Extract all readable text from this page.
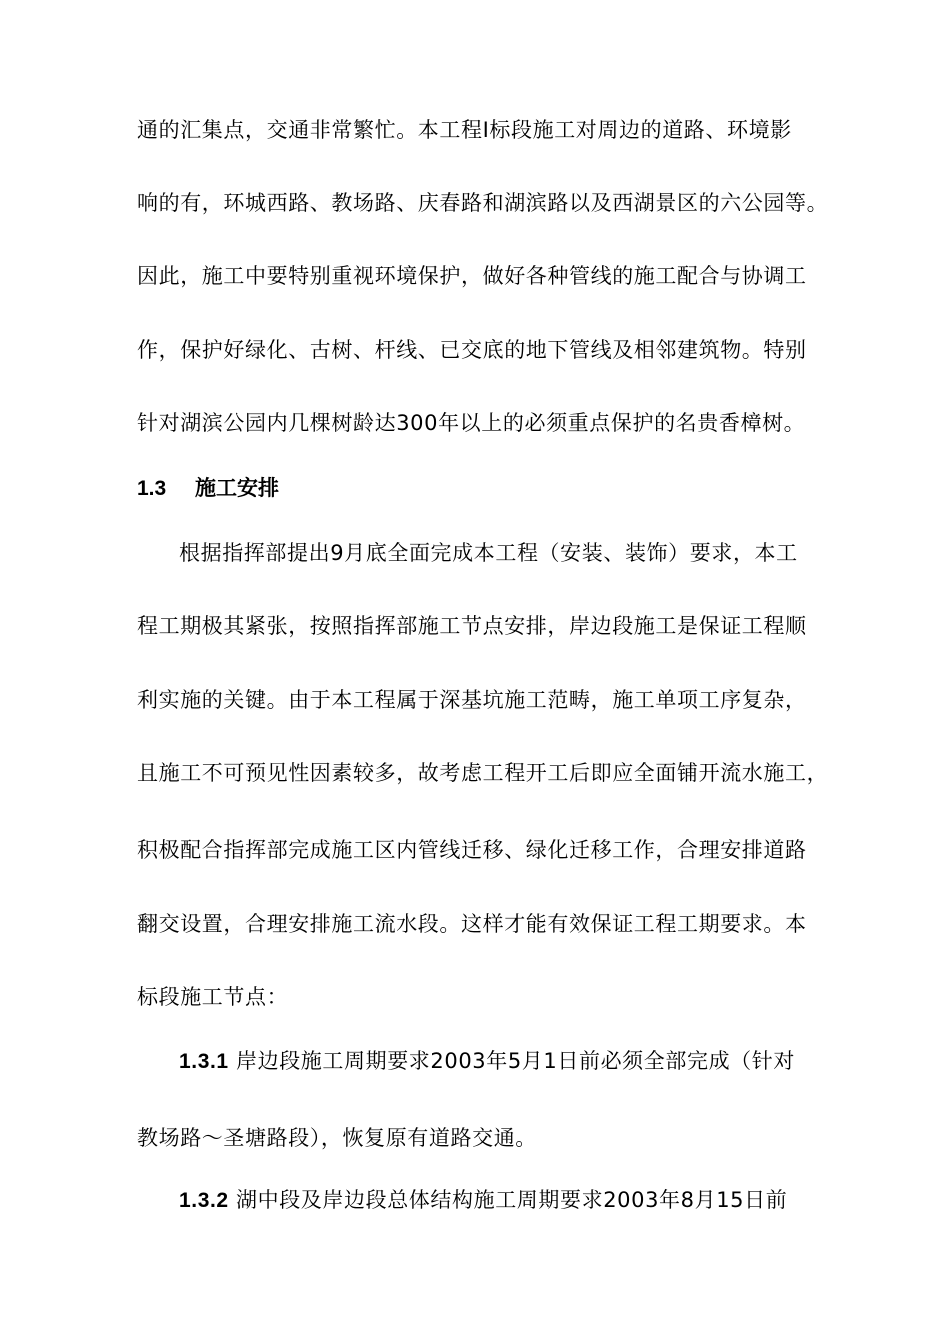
通的汇集点，交通非常繁忙。本工程Ⅰ标段施工对周边的道路、环境影
响的有，环城西路、教场路、庆春路和湖滨路以及西湖景区的六公园等。
因此，施工中要特别重视环境保护，做好各种管线的施工配合与协调工
作，保护好绿化、古树、杆线、已交底的地下管线及相邻建筑物。特别
针对湖滨公园内几棵树龄达300年以上的必须重点保护的名贵香樟树。
1.3 施工安排
根据指挥部提出9月底全面完成本工程（安装、装饰）要求，本工
程工期极其紧张，按照指挥部施工节点安排，岸边段施工是保证工程顺
利实施的关键。由于本工程属于深基坑施工范畴，施工单项工序复杂，
且施工不可预见性因素较多，故考虑工程开工后即应全面铺开流水施工，
积极配合指挥部完成施工区内管线迁移、绿化迁移工作，合理安排道路
翻交设置，合理安排施工流水段。这样才能有效保证工程工期要求。本
标段施工节点：
1.3.1 岸边段施工周期要求2003年5月1日前必须全部完成（针对
教场路～圣塘路段），恢复原有道路交通。
1.3.2 湖中段及岸边段总体结构施工周期要求2003年8月15日前
